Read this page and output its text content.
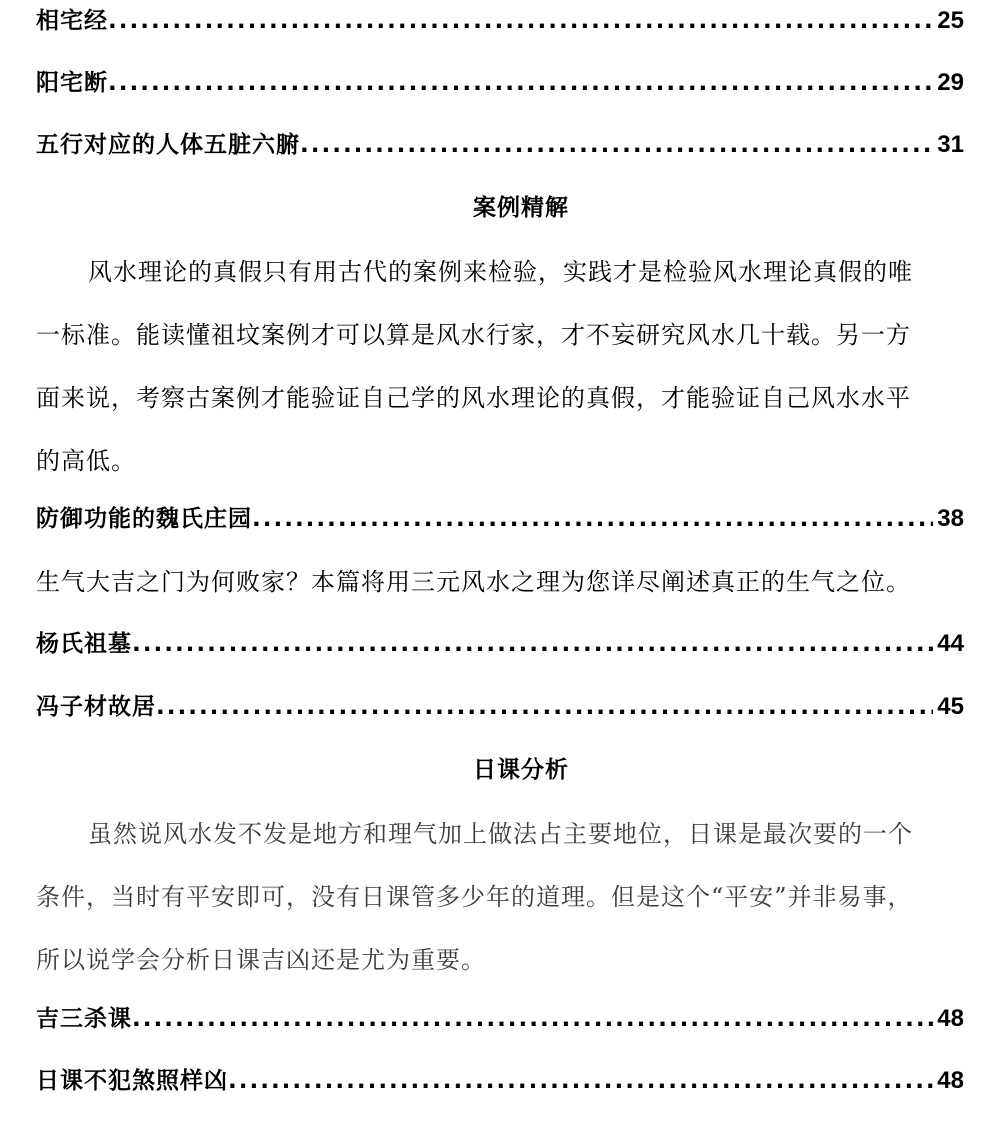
相宅经 .....	25
阳宅断 .....	29
五行对应的人体五脏六腑 .....	31
案例精解
风水理论的真假只有用古代的案例来检验，实践才是检验风水理论真假的唯
一标准。能读懂祖坟案例才可以算是风水行家，才不妄研究风水几十载。另一方
面来说，考察古案例才能验证自己学的风水理论的真假，才能验证自己风水水平
的高低。
防御功能的魏氏庄园 .....	38
生气大吉之门为何败家？本篇将用三元风水之理为您详尽阐述真正的生气之位。
杨氏祖墓 .....	44
冯子材故居 .....	45
日课分析
虽然说风水发不发是地方和理气加上做法占主要地位，日课是最次要的一个
条件，当时有平安即可，没有日课管多少年的道理。但是这个“平安”并非易事，
所以说学会分析日课吉凶还是尤为重要。
吉三杀课 .....	48
日课不犯煞照样凶 .....	48
